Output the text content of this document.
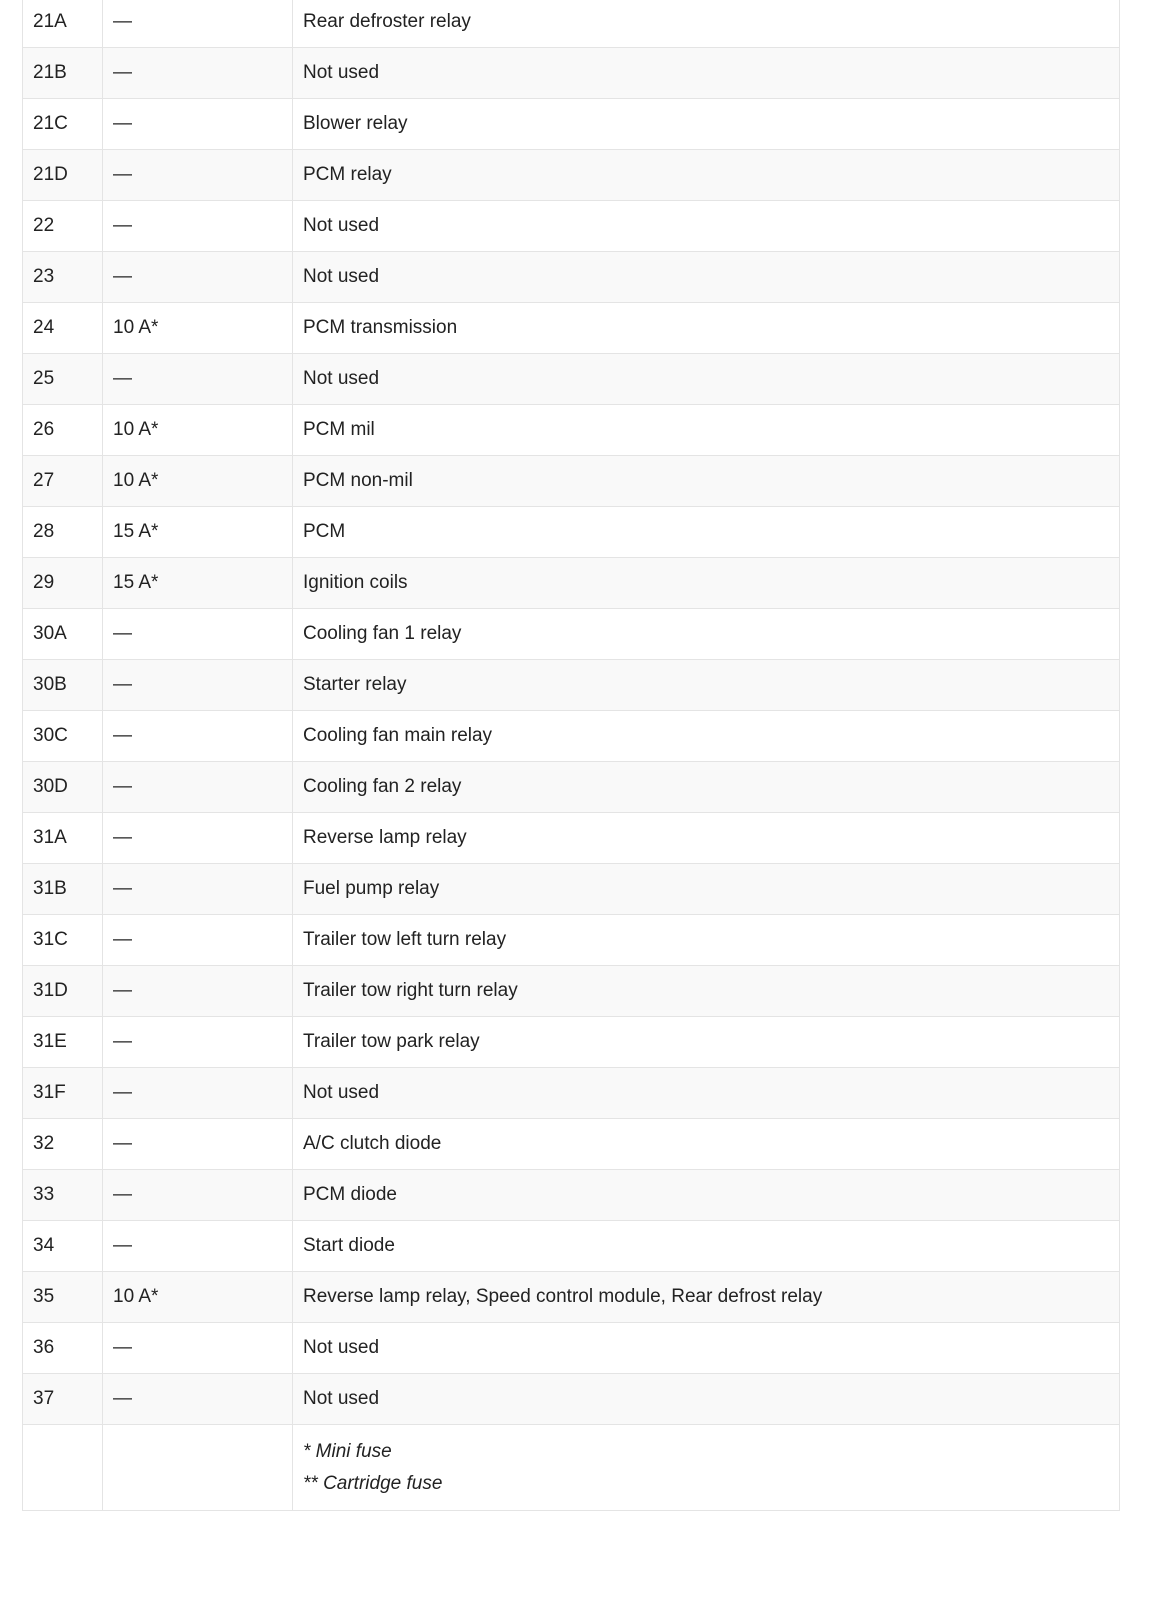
21A	—	Rear defroster relay
21B	—	Not used
21C	—	Blower relay
21D	—	PCM relay
22	—	Not used
23	—	Not used
24	10 A*	PCM transmission
25	—	Not used
26	10 A*	PCM mil
27	10 A*	PCM non-mil
28	15 A*	PCM
29	15 A*	Ignition coils
30A	—	Cooling fan 1 relay
30B	—	Starter relay
30C	—	Cooling fan main relay
30D	—	Cooling fan 2 relay
31A	—	Reverse lamp relay
31B	—	Fuel pump relay
31C	—	Trailer tow left turn relay
31D	—	Trailer tow right turn relay
31E	—	Trailer tow park relay
31F	—	Not used
32	—	A/C clutch diode
33	—	PCM diode
34	—	Start diode
35	10 A*	Reverse lamp relay, Speed control module, Rear defrost relay
36	—	Not used
37	—	Not used

		* Mini fuse
** Cartridge fuse
